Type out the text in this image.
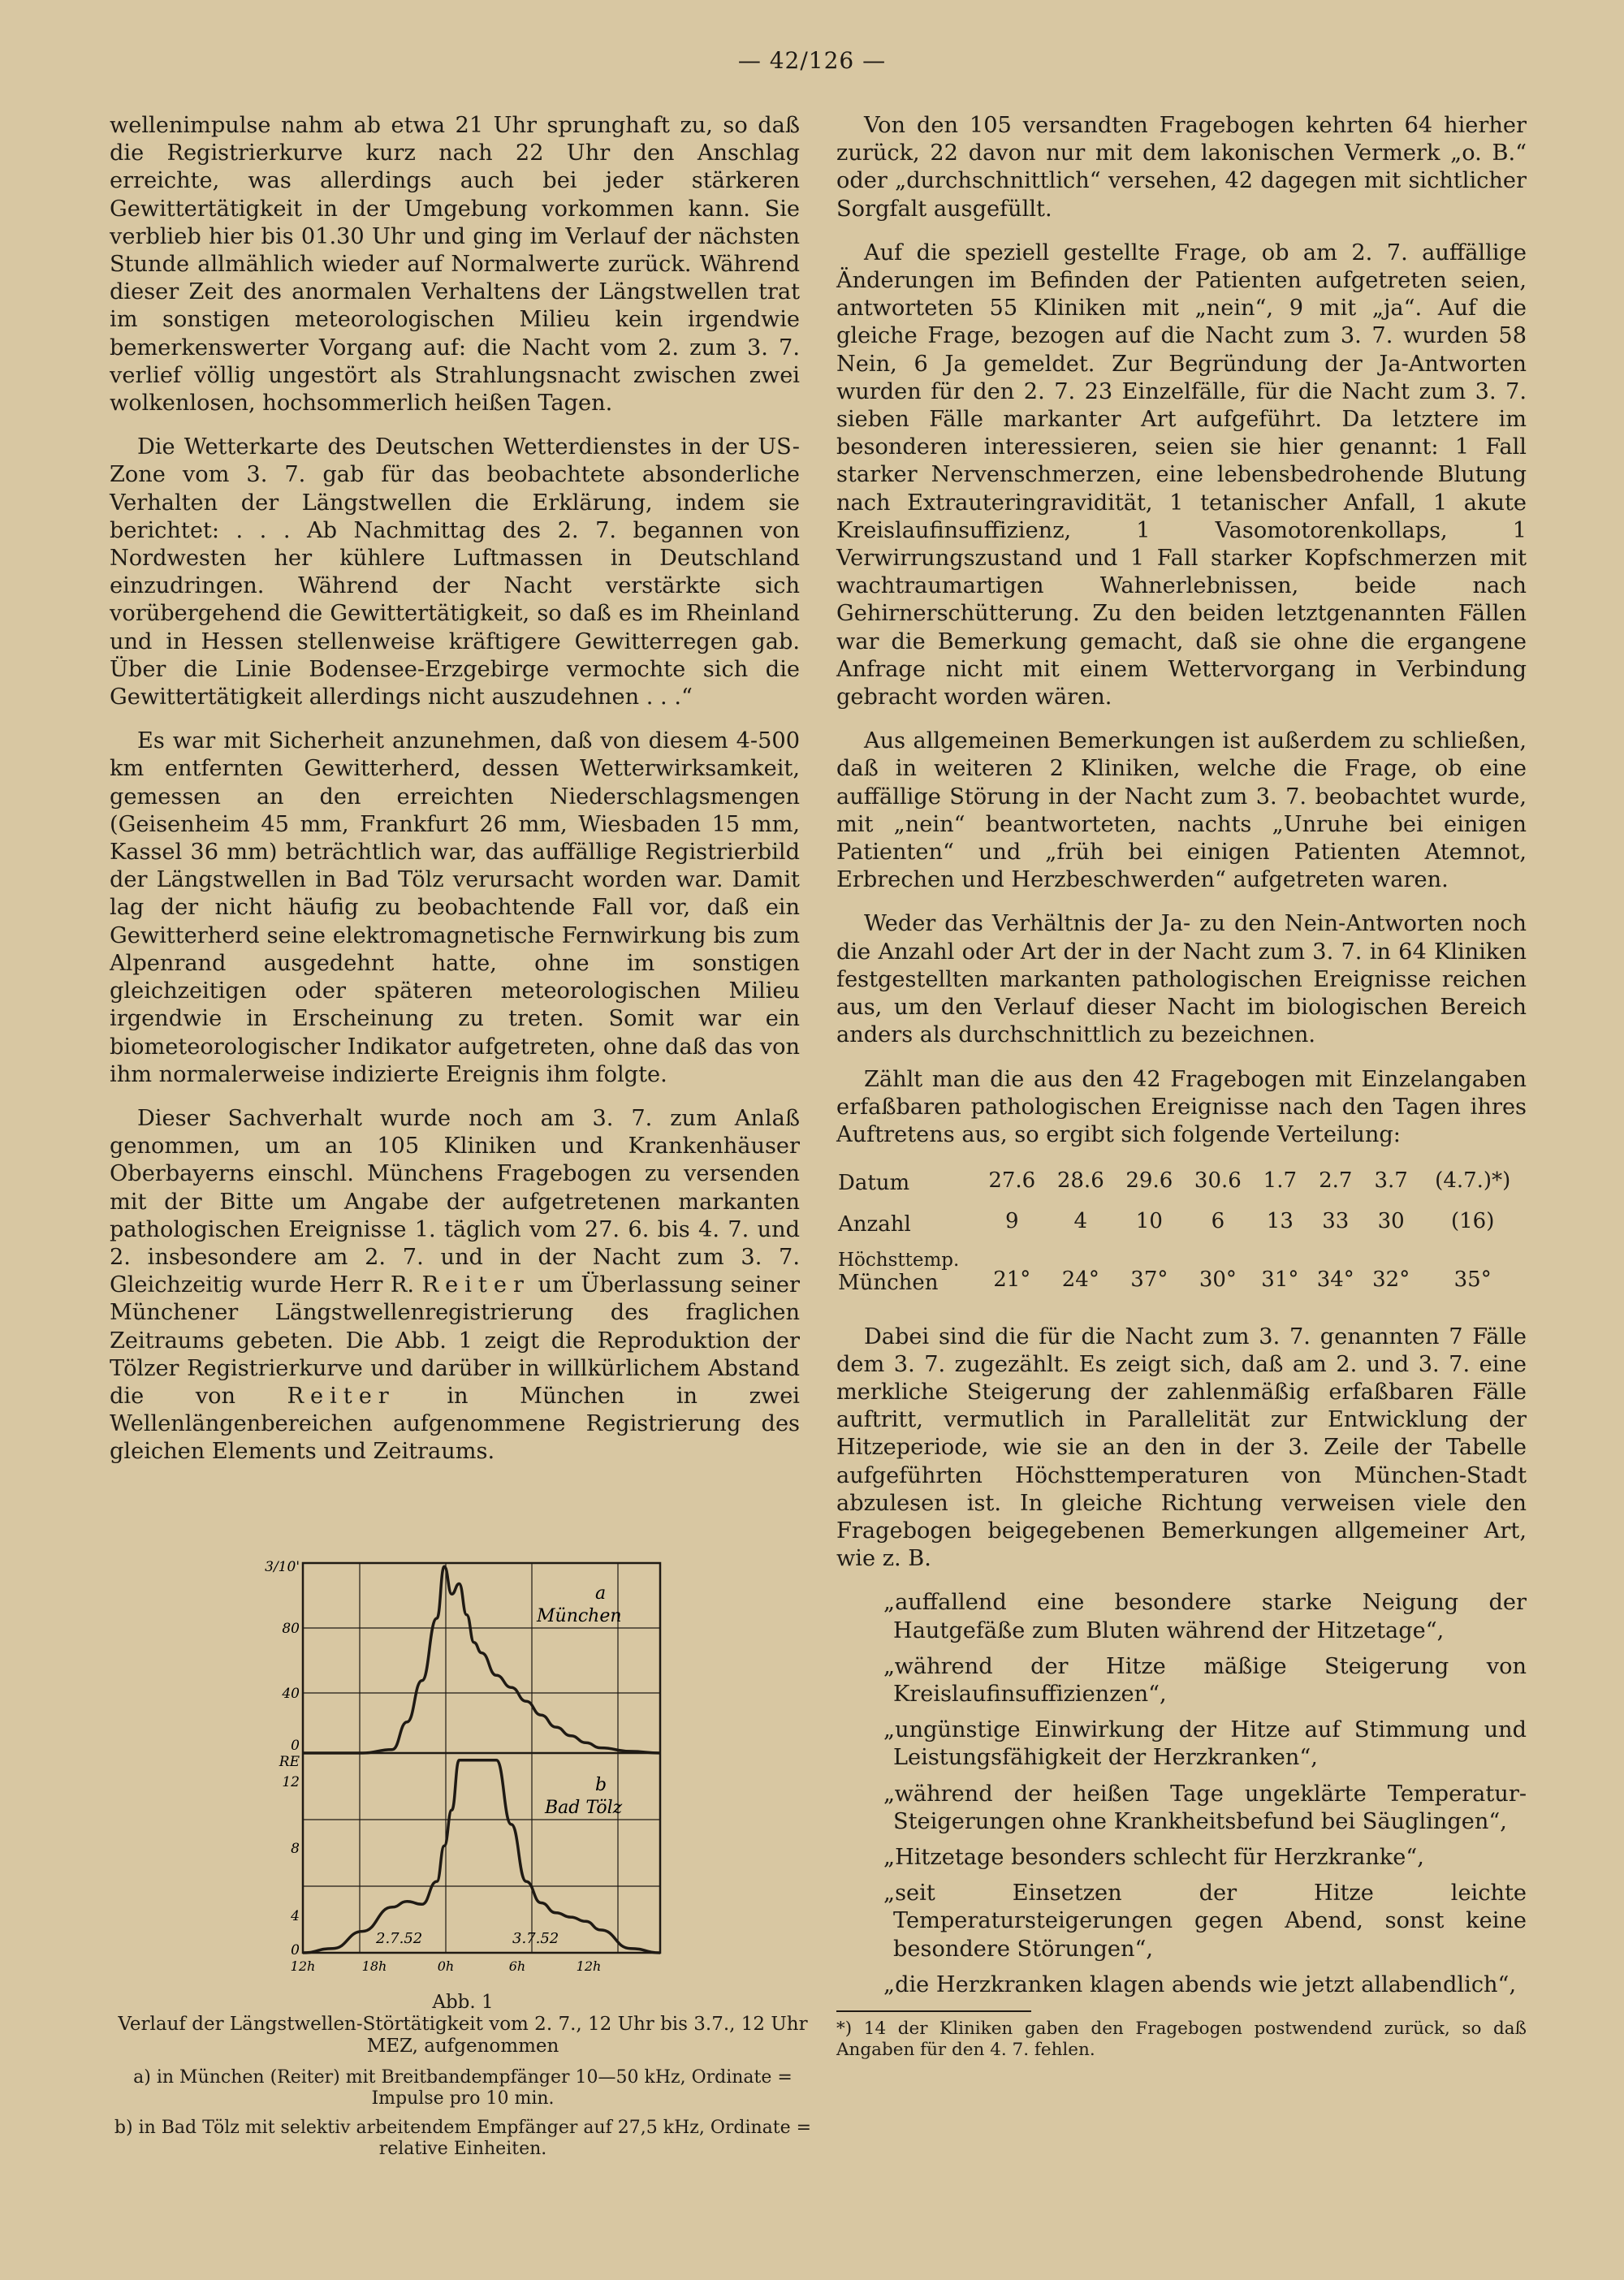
— 42/126 —

wellenimpulse nahm ab etwa 21 Uhr sprunghaft zu, so daß die Registrierkurve kurz nach 22 Uhr den Anschlag erreichte, was allerdings auch bei jeder stärkeren Gewittertätigkeit in der Umgebung vorkommen kann. Sie verblieb hier bis 01.30 Uhr und ging im Verlauf der nächsten Stunde allmählich wieder auf Normalwerte zurück. Während dieser Zeit des anormalen Verhaltens der Längstwellen trat im sonstigen meteorologischen Milieu kein irgendwie bemerkenswerter Vorgang auf: die Nacht vom 2. zum 3. 7. verlief völlig ungestört als Strahlungsnacht zwischen zwei wolkenlosen, hochsommerlich heißen Tagen.

Die Wetterkarte des Deutschen Wetterdienstes in der US-Zone vom 3. 7. gab für das beobachtete absonderliche Verhalten der Längstwellen die Erklärung, indem sie berichtet: . . . Ab Nachmittag des 2. 7. begannen von Nordwesten her kühlere Luftmassen in Deutschland einzudringen. Während der Nacht verstärkte sich vorübergehend die Gewittertätigkeit, so daß es im Rheinland und in Hessen stellenweise kräftigere Gewitterregen gab. Über die Linie Bodensee-Erzgebirge vermochte sich die Gewittertätigkeit allerdings nicht auszudehnen . . .“

Es war mit Sicherheit anzunehmen, daß von diesem 4-500 km entfernten Gewitterherd, dessen Wetterwirksamkeit, gemessen an den erreichten Niederschlagsmengen (Geisenheim 45 mm, Frankfurt 26 mm, Wiesbaden 15 mm, Kassel 36 mm) beträchtlich war, das auffällige Registrierbild der Längstwellen in Bad Tölz verursacht worden war. Damit lag der nicht häufig zu beobachtende Fall vor, daß ein Gewitterherd seine elektromagnetische Fernwirkung bis zum Alpenrand ausgedehnt hatte, ohne im sonstigen gleichzeitigen oder späteren meteorologischen Milieu irgendwie in Erscheinung zu treten. Somit war ein biometeorologischer Indikator aufgetreten, ohne daß das von ihm normalerweise indizierte Ereignis ihm folgte.

Dieser Sachverhalt wurde noch am 3. 7. zum Anlaß genommen, um an 105 Kliniken und Krankenhäuser Oberbayerns einschl. Münchens Fragebogen zu versenden mit der Bitte um Angabe der aufgetretenen markanten pathologischen Ereignisse 1. täglich vom 27. 6. bis 4. 7. und 2. insbesondere am 2. 7. und in der Nacht zum 3. 7. Gleichzeitig wurde Herr R. Reiter um Überlassung seiner Münchener Längstwellenregistrierung des fraglichen Zeitraums gebeten. Die Abb. 1 zeigt die Reproduktion der Tölzer Registrierkurve und darüber in willkürlichem Abstand die von Reiter in München in zwei Wellenlängenbereichen aufgenommene Registrierung des gleichen Elements und Zeitraums.

3/10'
80
40
0
RE
12
8
4
0
12h	18h	0h	6h	12h
2.7.52	3.7.52
a
München
b
Bad Tölz
Abb. 1
Verlauf der Längstwellen-Störtätigkeit vom 2. 7., 12 Uhr bis 3.7., 12 Uhr MEZ, aufgenommen
a) in München (Reiter) mit Breitbandempfänger 10—50 kHz, Ordinate = Impulse pro 10 min.
b) in Bad Tölz mit selektiv arbeitendem Empfänger auf 27,5 kHz, Ordinate = relative Einheiten.

Von den 105 versandten Fragebogen kehrten 64 hierher zurück, 22 davon nur mit dem lakonischen Vermerk „o. B.“ oder „durchschnittlich“ versehen, 42 dagegen mit sichtlicher Sorgfalt ausgefüllt.

Auf die speziell gestellte Frage, ob am 2. 7. auffällige Änderungen im Befinden der Patienten aufgetreten seien, antworteten 55 Kliniken mit „nein“, 9 mit „ja“. Auf die gleiche Frage, bezogen auf die Nacht zum 3. 7. wurden 58 Nein, 6 Ja gemeldet. Zur Begründung der Ja-Antworten wurden für den 2. 7. 23 Einzelfälle, für die Nacht zum 3. 7. sieben Fälle markanter Art aufgeführt. Da letztere im besonderen interessieren, seien sie hier genannt: 1 Fall starker Nervenschmerzen, eine lebensbedrohende Blutung nach Extrauteringravidität, 1 tetanischer Anfall, 1 akute Kreislaufinsuffizienz, 1 Vasomotorenkollaps, 1 Verwirrungszustand und 1 Fall starker Kopfschmerzen mit wachtraumartigen Wahnerlebnissen, beide nach Gehirnerschütterung. Zu den beiden letztgenannten Fällen war die Bemerkung gemacht, daß sie ohne die ergangene Anfrage nicht mit einem Wettervorgang in Verbindung gebracht worden wären.

Aus allgemeinen Bemerkungen ist außerdem zu schließen, daß in weiteren 2 Kliniken, welche die Frage, ob eine auffällige Störung in der Nacht zum 3. 7. beobachtet wurde, mit „nein“ beantworteten, nachts „Unruhe bei einigen Patienten“ und „früh bei einigen Patienten Atemnot, Erbrechen und Herzbeschwerden“ aufgetreten waren.

Weder das Verhältnis der Ja- zu den Nein-Antworten noch die Anzahl oder Art der in der Nacht zum 3. 7. in 64 Kliniken festgestellten markanten pathologischen Ereignisse reichen aus, um den Verlauf dieser Nacht im biologischen Bereich anders als durchschnittlich zu bezeichnen.

Zählt man die aus den 42 Fragebogen mit Einzelangaben erfaßbaren pathologischen Ereignisse nach den Tagen ihres Auftretens aus, so ergibt sich folgende Verteilung:

Datum	27.6	28.6	29.6	30.6	1.7	2.7	3.7	(4.7.)*)
Anzahl	9	4	10	6	13	33	30	(16)

Höchsttemp.
München	21°	24°	37°	30°	31°	34°	32°	35°

Dabei sind die für die Nacht zum 3. 7. genannten 7 Fälle dem 3. 7. zugezählt. Es zeigt sich, daß am 2. und 3. 7. eine merkliche Steigerung der zahlenmäßig erfaßbaren Fälle auftritt, vermutlich in Parallelität zur Entwicklung der Hitzeperiode, wie sie an den in der 3. Zeile der Tabelle aufgeführten Höchsttemperaturen von München-Stadt abzulesen ist. In gleiche Richtung verweisen viele den Fragebogen beigegebenen Bemerkungen allgemeiner Art, wie z. B.

„auffallend eine besondere starke Neigung der Hautgefäße zum Bluten während der Hitzetage“,
„während der Hitze mäßige Steigerung von Kreislaufinsuffizienzen“,
„ungünstige Einwirkung der Hitze auf Stimmung und Leistungsfähigkeit der Herzkranken“,
„während der heißen Tage ungeklärte Temperatur-Steigerungen ohne Krankheitsbefund bei Säuglingen“,
„Hitzetage besonders schlecht für Herzkranke“,
„seit Einsetzen der Hitze leichte Temperatursteigerungen gegen Abend, sonst keine besondere Störungen“,
„die Herzkranken klagen abends wie jetzt allabendlich“,
*) 14 der Kliniken gaben den Fragebogen postwendend zurück, so daß Angaben für den 4. 7. fehlen.
